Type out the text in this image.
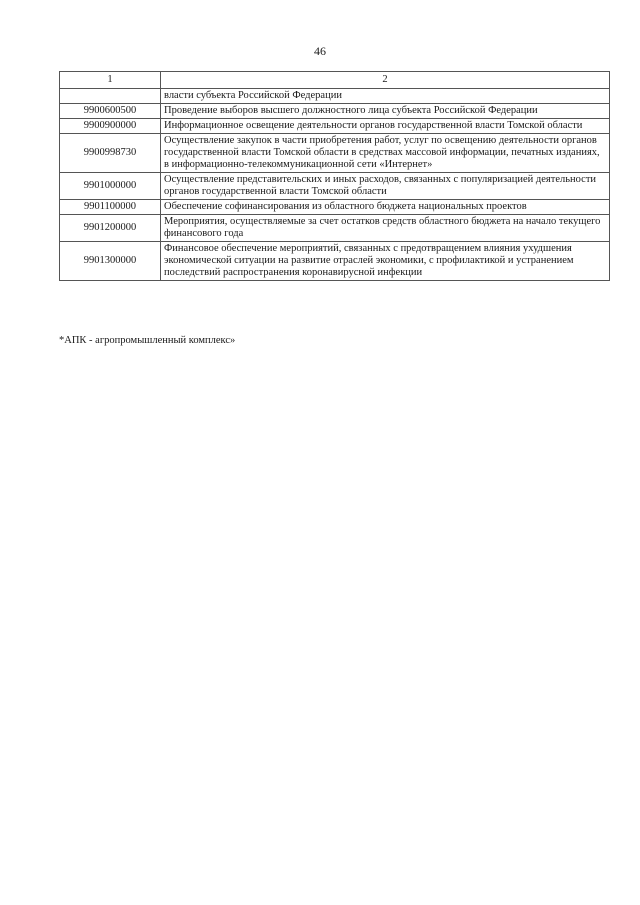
46
1	2
	власти субъекта Российской Федерации
9900600500	Проведение выборов высшего должностного лица субъекта Российской Федерации
9900900000	Информационное освещение деятельности органов государственной власти Томской области
9900998730	Осуществление закупок в части приобретения работ, услуг по освещению деятельности органов государственной власти Томской области в средствах массовой информации, печатных изданиях, в информационно-телекоммуникационной сети «Интернет»
9901000000	Осуществление представительских и иных расходов, связанных с популяризацией деятельности органов государственной власти Томской области
9901100000	Обеспечение софинансирования из областного бюджета национальных проектов
9901200000	Мероприятия, осуществляемые за счет остатков средств областного бюджета на начало текущего финансового года
9901300000	Финансовое обеспечение мероприятий, связанных с предотвращением влияния ухудшения экономической ситуации на развитие отраслей экономики, с профилактикой и устранением последствий распространения коронавирусной инфекции
*АПК - агропромышленный комплекс»
